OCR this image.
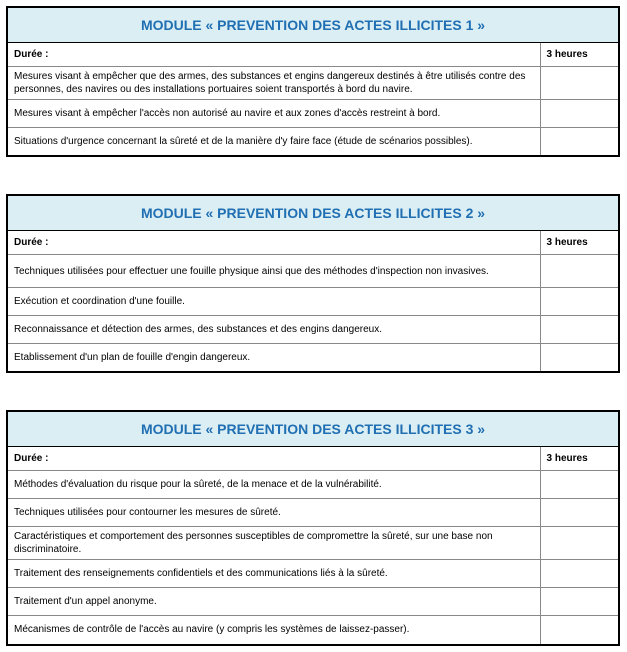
MODULE « PREVENTION DES ACTES ILLICITES 1 »	
Durée :	3 heures
Mesures visant à empêcher que des armes, des substances et engins dangereux destinés à être utilisés contre des personnes, des navires ou des installations portuaires soient transportés à bord du navire.	
Mesures visant à empêcher l'accès non autorisé au navire et aux zones d'accès restreint à bord.	
Situations d'urgence concernant la sûreté et de la manière d'y faire face (étude de scénarios possibles).	
MODULE « PREVENTION DES ACTES ILLICITES 2 »	
Durée :	3 heures
Techniques utilisées pour effectuer une fouille physique ainsi que des méthodes d'inspection non invasives.	
Exécution et coordination d'une fouille.	
Reconnaissance et détection des armes, des substances et des engins dangereux.	
Etablissement d'un plan de fouille d'engin dangereux.	
MODULE « PREVENTION DES ACTES ILLICITES 3 »	
Durée :	3 heures
Méthodes d'évaluation du risque pour la sûreté, de la menace et de la vulnérabilité.	
Techniques utilisées pour contourner les mesures de sûreté.	
Caractéristiques et comportement des personnes susceptibles de compromettre la sûreté, sur une base non discriminatoire.	
Traitement des renseignements confidentiels et des communications liés à la sûreté.	
Traitement d'un appel anonyme.	
Mécanismes de contrôle de l'accès au navire (y compris les systèmes de laissez-passer).	
